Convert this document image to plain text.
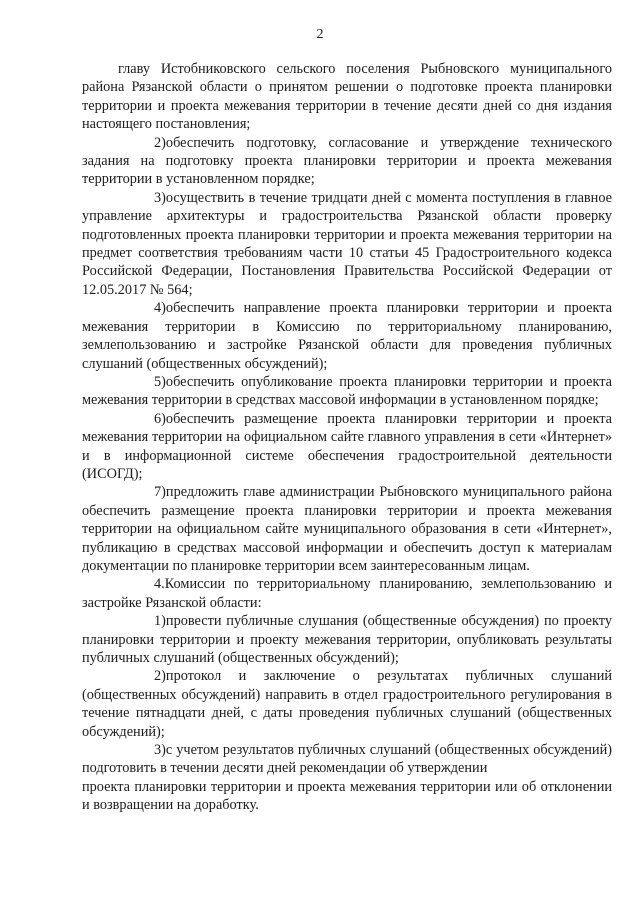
2

главу Истобниковского сельского поселения Рыбновского муниципального района Рязанской области о принятом решении о подготовке проекта планировки территории и проекта межевания территории в течение десяти дней со дня издания настоящего постановления;

2)обеспечить подготовку, согласование и утверждение технического задания на подготовку проекта планировки территории и проекта межевания территории в установленном порядке;

3)осуществить в течение тридцати дней с момента поступления в главное управление архитектуры и градостроительства Рязанской области проверку подготовленных проекта планировки территории и проекта межевания территории на предмет соответствия требованиям части 10 статьи 45 Градостроительного кодекса Российской Федерации, Постановления Правительства Российской Федерации от 12.05.2017 № 564;

4)обеспечить направление проекта планировки территории и проекта межевания территории в Комиссию по территориальному планированию, землепользованию и застройке Рязанской области для проведения публичных слушаний (общественных обсуждений);

5)обеспечить опубликование проекта планировки территории и проекта межевания территории в средствах массовой информации в установленном порядке;

6)обеспечить размещение проекта планировки территории и проекта межевания территории на официальном сайте главного управления в сети «Интернет» и в информационной системе обеспечения градостроительной деятельности (ИСОГД);

7)предложить главе администрации Рыбновского муниципального района обеспечить размещение проекта планировки территории и проекта межевания территории на официальном сайте муниципального образования в сети «Интернет», публикацию в средствах массовой информации и обеспечить доступ к материалам документации по планировке территории всем заинтересованным лицам.

4.Комиссии по территориальному планированию, землепользованию и застройке Рязанской области:

1)провести публичные слушания (общественные обсуждения) по проекту планировки территории и проекту межевания территории, опубликовать результаты публичных слушаний (общественных обсуждений);

2)протокол и заключение о результатах публичных слушаний (общественных обсуждений) направить в отдел градостроительного регулирования в течение пятнадцати дней, с даты проведения публичных слушаний (общественных обсуждений);

3)с учетом результатов публичных слушаний (общественных обсуждений) подготовить в течении десяти дней рекомендации об утверждении

проекта планировки территории и проекта межевания территории или об отклонении и возвращении на доработку.
